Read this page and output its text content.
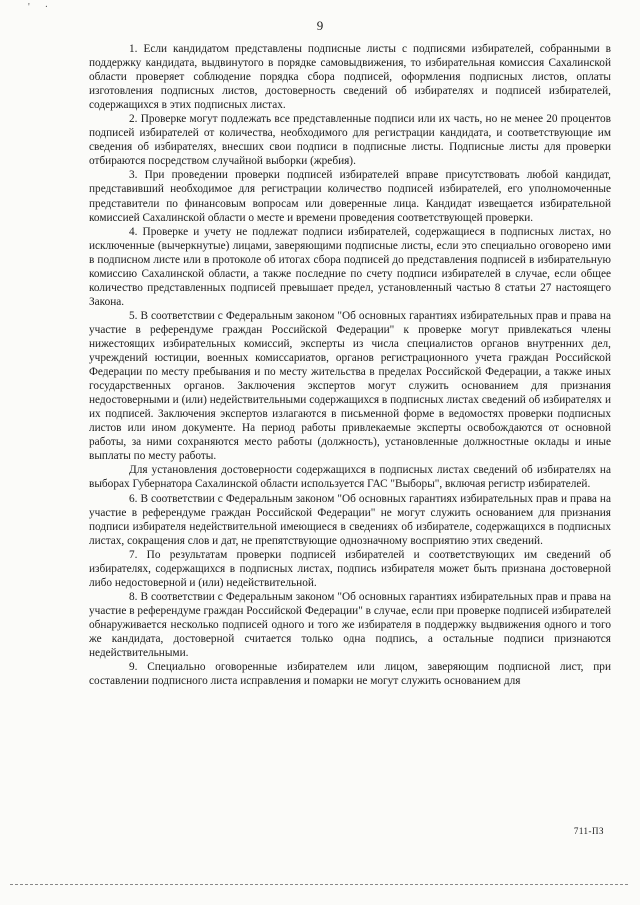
'      ·
9

1. Если кандидатом представлены подписные листы с подписями избирателей, собранными в поддержку кандидата, выдвинутого в порядке самовыдвижения, то избирательная комиссия Сахалинской области проверяет соблюдение порядка сбора подписей, оформления подписных листов, оплаты изготовления подписных листов, достоверность сведений об избирателях и подписей избирателей, содержащихся в этих подписных листах.

2. Проверке могут подлежать все представленные подписи или их часть, но не менее 20 процентов подписей избирателей от количества, необходимого для регистрации кандидата, и соответствующие им сведения об избирателях, внесших свои подписи в подписные листы. Подписные листы для проверки отбираются посредством случайной выборки (жребия).

3. При проведении проверки подписей избирателей вправе присутствовать любой кандидат, представивший необходимое для регистрации количество подписей избирателей, его уполномоченные представители по финансовым вопросам или доверенные лица. Кандидат извещается избирательной комиссией Сахалинской области о месте и времени проведения соответствующей проверки.

4. Проверке и учету не подлежат подписи избирателей, содержащиеся в подписных листах, но исключенные (вычеркнутые) лицами, заверяющими подписные листы, если это специально оговорено ими в подписном листе или в протоколе об итогах сбора подписей до представления подписей в избирательную комиссию Сахалинской области, а также последние по счету подписи избирателей в случае, если общее количество представленных подписей превышает предел, установленный частью 8 статьи 27 настоящего Закона.

5. В соответствии с Федеральным законом "Об основных гарантиях избирательных прав и права на участие в референдуме граждан Российской Федерации" к проверке могут привлекаться члены нижестоящих избирательных комиссий, эксперты из числа специалистов органов внутренних дел, учреждений юстиции, военных комиссариатов, органов регистрационного учета граждан Российской Федерации по месту пребывания и по месту жительства в пределах Российской Федерации, а также иных государственных органов. Заключения экспертов могут служить основанием для признания недостоверными и (или) недействительными содержащихся в подписных листах сведений об избирателях и их подписей. Заключения экспертов излагаются в письменной форме в ведомостях проверки подписных листов или ином документе. На период работы привлекаемые эксперты освобождаются от основной работы, за ними сохраняются место работы (должность), установленные должностные оклады и иные выплаты по месту работы.

Для установления достоверности содержащихся в подписных листах сведений об избирателях на выборах Губернатора Сахалинской области используется ГАС "Выборы", включая регистр избирателей.

6. В соответствии с Федеральным законом "Об основных гарантиях избирательных прав и права на участие в референдуме граждан Российской Федерации" не могут служить основанием для признания подписи избирателя недействительной имеющиеся в сведениях об избирателе, содержащихся в подписных листах, сокращения слов и дат, не препятствующие однозначному восприятию этих сведений.

7. По результатам проверки подписей избирателей и соответствующих им сведений об избирателях, содержащихся в подписных листах, подпись избирателя может быть признана достоверной либо недостоверной и (или) недействительной.

8. В соответствии с Федеральным законом "Об основных гарантиях избирательных прав и права на участие в референдуме граждан Российской Федерации" в случае, если при проверке подписей избирателей обнаруживается несколько подписей одного и того же избирателя в поддержку выдвижения одного и того же кандидата, достоверной считается только одна подпись, а остальные подписи признаются недействительными.

9. Специально оговоренные избирателем или лицом, заверяющим подписной лист, при составлении подписного листа исправления и помарки не могут служить основанием для

711-ПЗ
